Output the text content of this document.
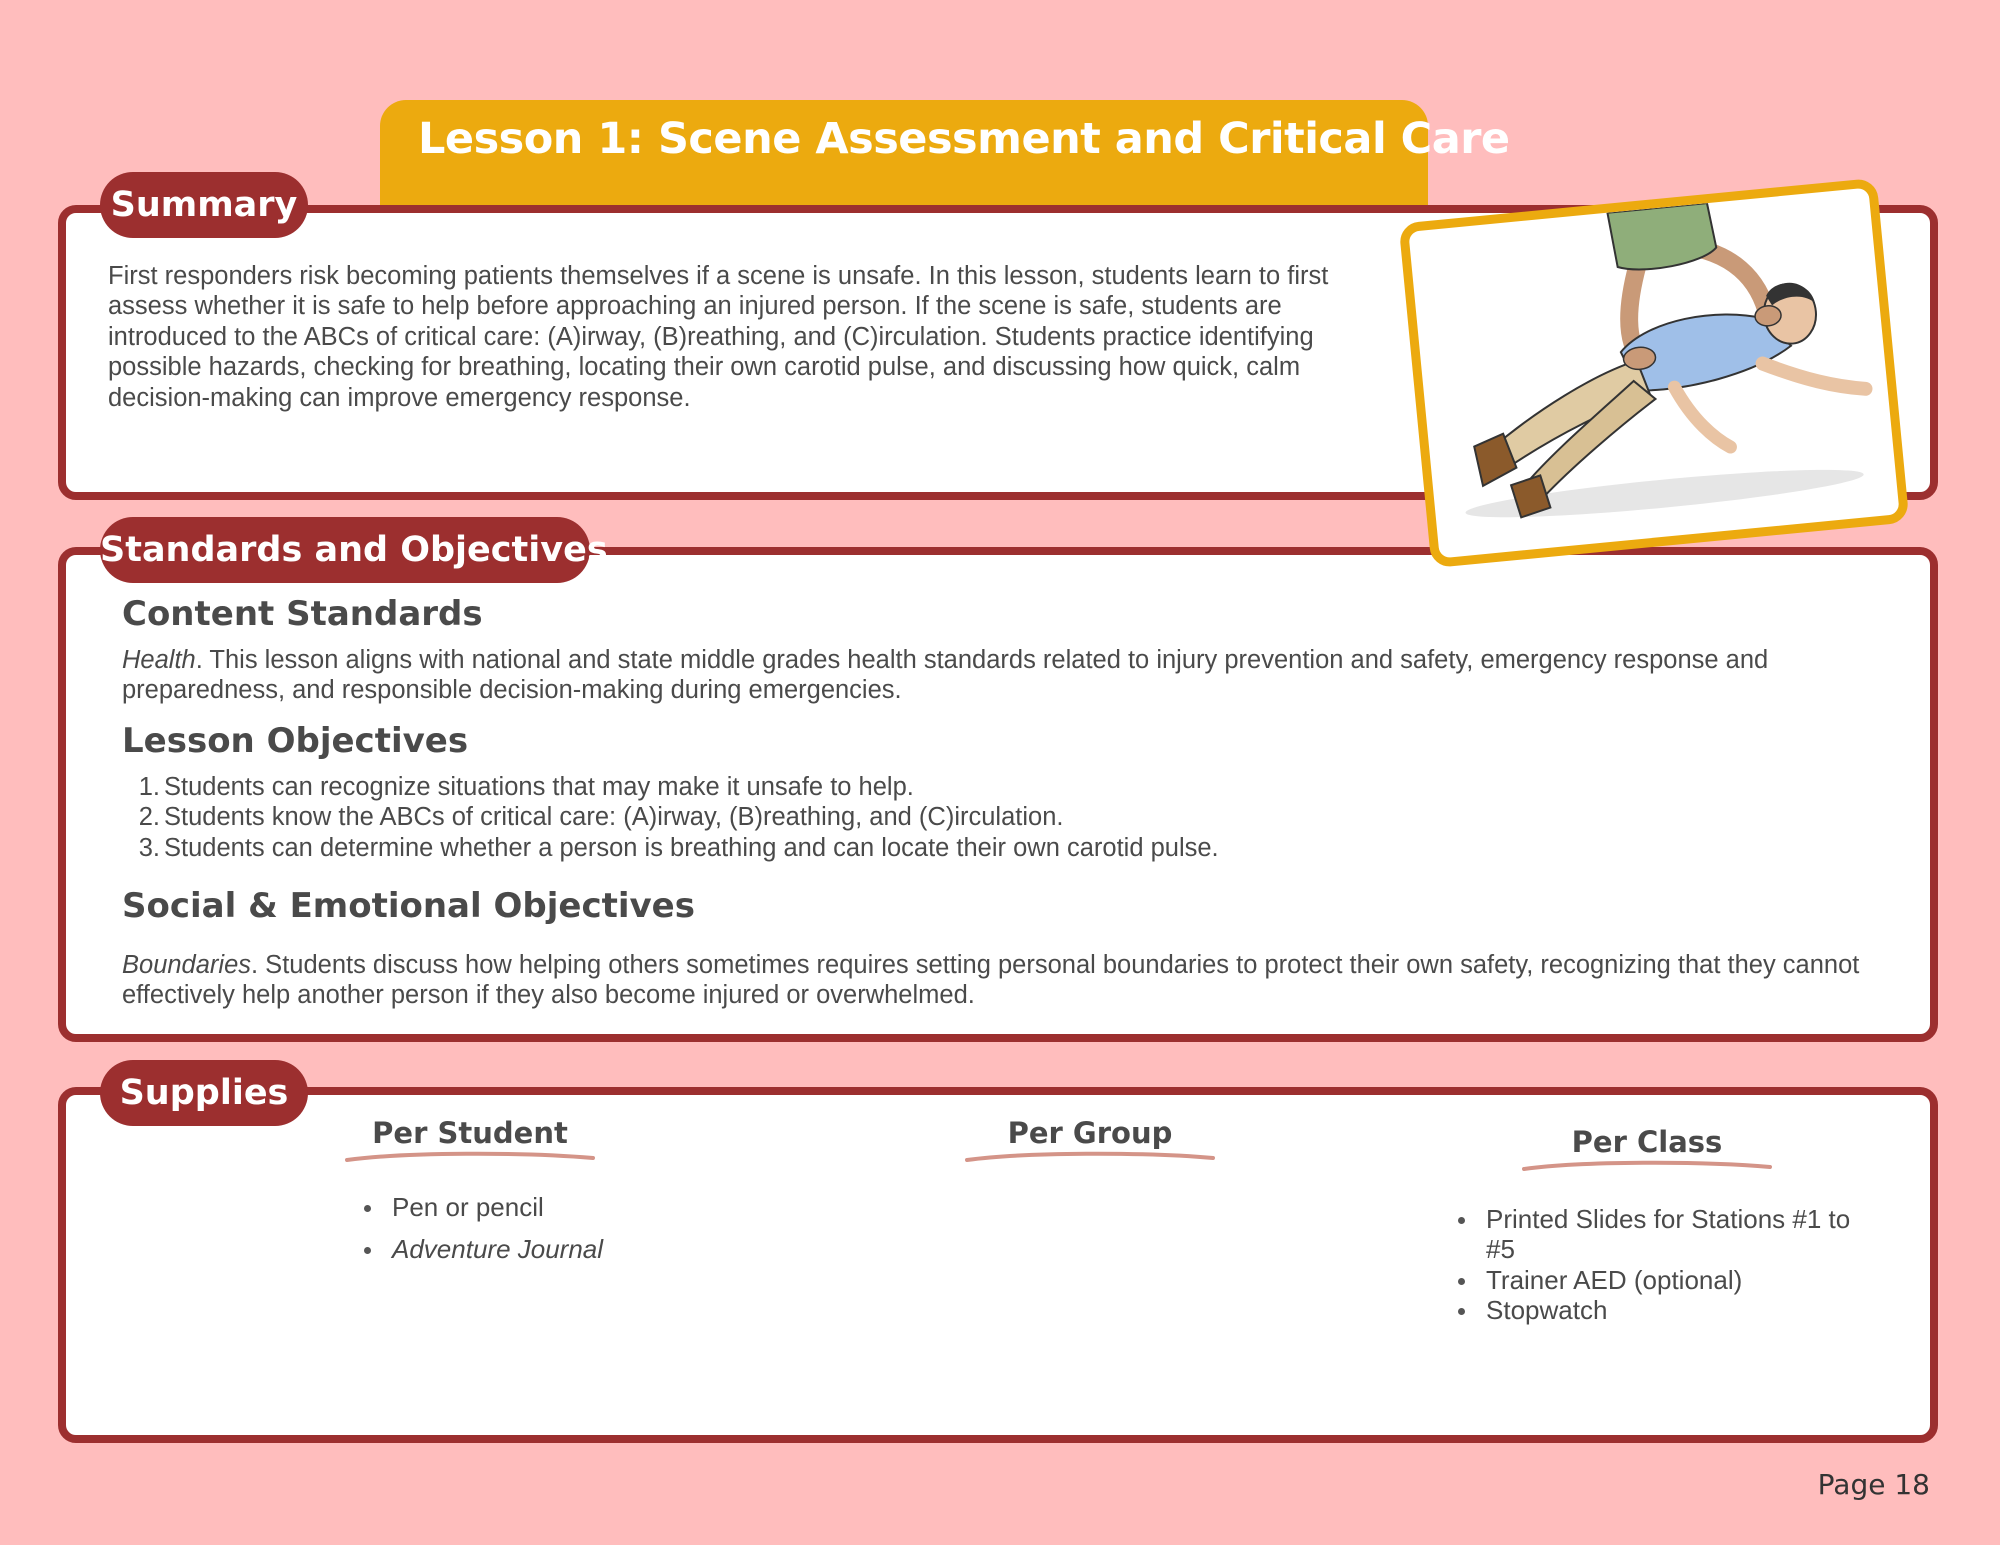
Lesson 1: Scene Assessment and Critical Care
Summary
First responders risk becoming patients themselves if a scene is unsafe. In this lesson, students learn to first assess whether it is safe to help before approaching an injured person. If the scene is safe, students are introduced to the ABCs of critical care: (A)irway, (B)reathing, and (C)irculation. Students practice identifying possible hazards, checking for breathing, locating their own carotid pulse, and discussing how quick, calm decision-making can improve emergency response.
Standards and Objectives
Content Standards
Health. This lesson aligns with national and state middle grades health standards related to injury prevention and safety, emergency response and preparedness, and responsible decision-making during emergencies.
Lesson Objectives
1. Students can recognize situations that may make it unsafe to help.
2. Students know the ABCs of critical care: (A)irway, (B)reathing, and (C)irculation.
3. Students can determine whether a person is breathing and can locate their own carotid pulse.
Social & Emotional Objectives
Boundaries. Students discuss how helping others sometimes requires setting personal boundaries to protect their own safety, recognizing that they cannot effectively help another person if they also become injured or overwhelmed.
Supplies
Per Student
Pen or pencil
Adventure Journal
Per Group	Per Class
Printed Slides for Stations #1 to #5
Trainer AED (optional)
Stopwatch
Page 18
